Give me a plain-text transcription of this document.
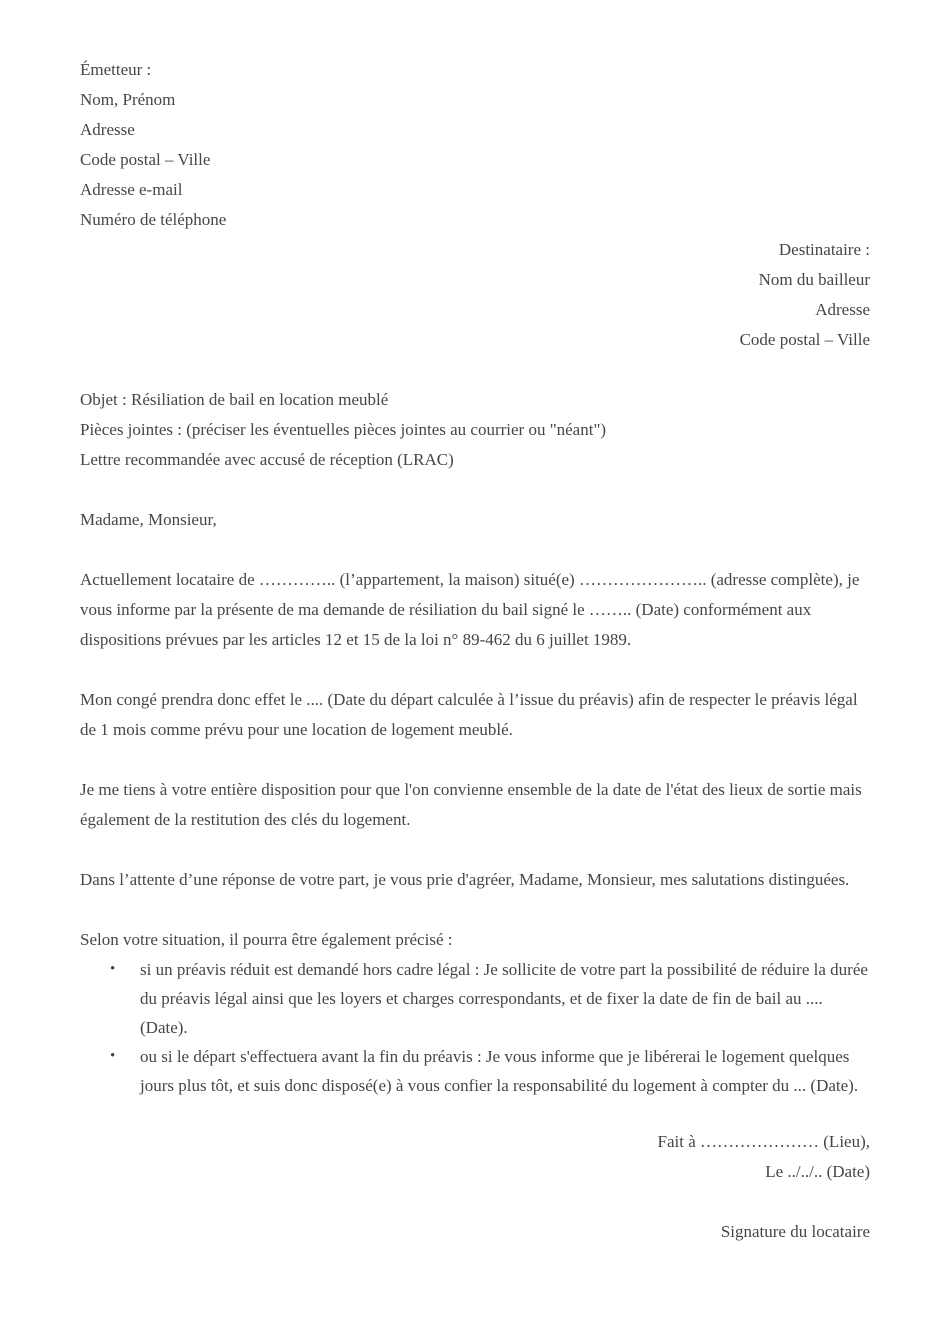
Émetteur :
Nom, Prénom
Adresse
Code postal – Ville
Adresse e-mail
Numéro de téléphone
Destinataire :
Nom du bailleur
Adresse
Code postal – Ville
Objet : Résiliation de bail en location meublé
Pièces jointes : (préciser les éventuelles pièces jointes au courrier ou "néant")
Lettre recommandée avec accusé de réception (LRAC)

Madame, Monsieur,

Actuellement locataire de ………….. (l’appartement, la maison) situé(e) ………………….. (adresse complète), je vous informe par la présente de ma demande de résiliation du bail signé le …….. (Date) conformément aux dispositions prévues par les articles 12 et 15 de la loi n° 89-462 du 6 juillet 1989.

Mon congé prendra donc effet le .... (Date du départ calculée à l’issue du préavis) afin de respecter le préavis légal de 1 mois comme prévu pour une location de logement meublé.

Je me tiens à votre entière disposition pour que l'on convienne ensemble de la date de l'état des lieux de sortie mais également de la restitution des clés du logement.

Dans l’attente d’une réponse de votre part, je vous prie d'agréer, Madame, Monsieur, mes salutations distinguées.

Selon votre situation, il pourra être également précisé :

• si un préavis réduit est demandé hors cadre légal : Je sollicite de votre part la possibilité de réduire la durée du préavis légal ainsi que les loyers et charges correspondants, et de fixer la date de fin de bail au .... (Date).
• ou si le départ s'effectuera avant la fin du préavis : Je vous informe que je libérerai le logement quelques jours plus tôt, et suis donc disposé(e) à vous confier la responsabilité du logement à compter du ... (Date).
Fait à ………………… (Lieu),
Le ../../.. (Date)
Signature du locataire
